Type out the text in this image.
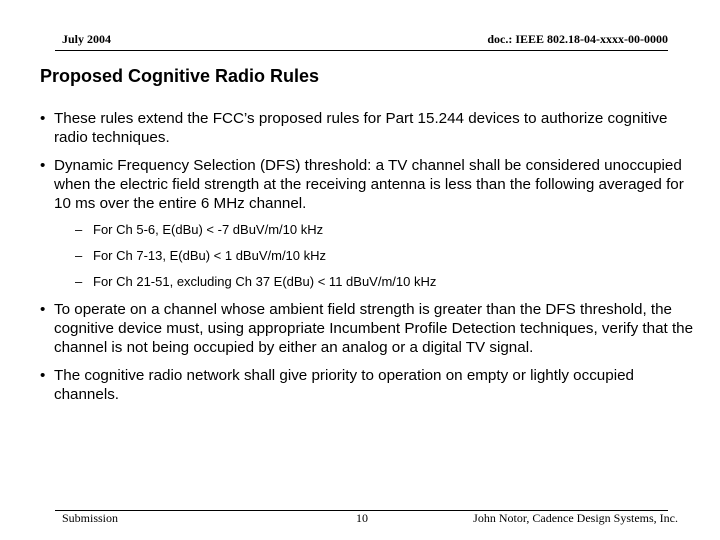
July 2004	doc.: IEEE 802.18-04-xxxx-00-0000
Proposed Cognitive Radio Rules
• These rules extend the FCC’s proposed rules for Part 15.244 devices to authorize cognitive radio techniques.
• Dynamic Frequency Selection (DFS) threshold: a TV channel shall be considered unoccupied when the electric field strength at the receiving antenna is less than the following averaged for 10 ms over the entire 6 MHz channel.
– For Ch 5-6, E(dBu) < -7 dBuV/m/10 kHz
– For Ch 7-13, E(dBu) < 1 dBuV/m/10 kHz
– For Ch 21-51, excluding Ch 37 E(dBu) < 11 dBuV/m/10 kHz
• To operate on a channel whose ambient field strength is greater than the DFS threshold, the cognitive device must, using appropriate Incumbent Profile Detection techniques, verify that the channel is not being occupied by either an analog or a digital TV signal.
• The cognitive radio network shall give priority to operation on empty or lightly occupied channels.
Submission	10	John Notor, Cadence Design Systems, Inc.
